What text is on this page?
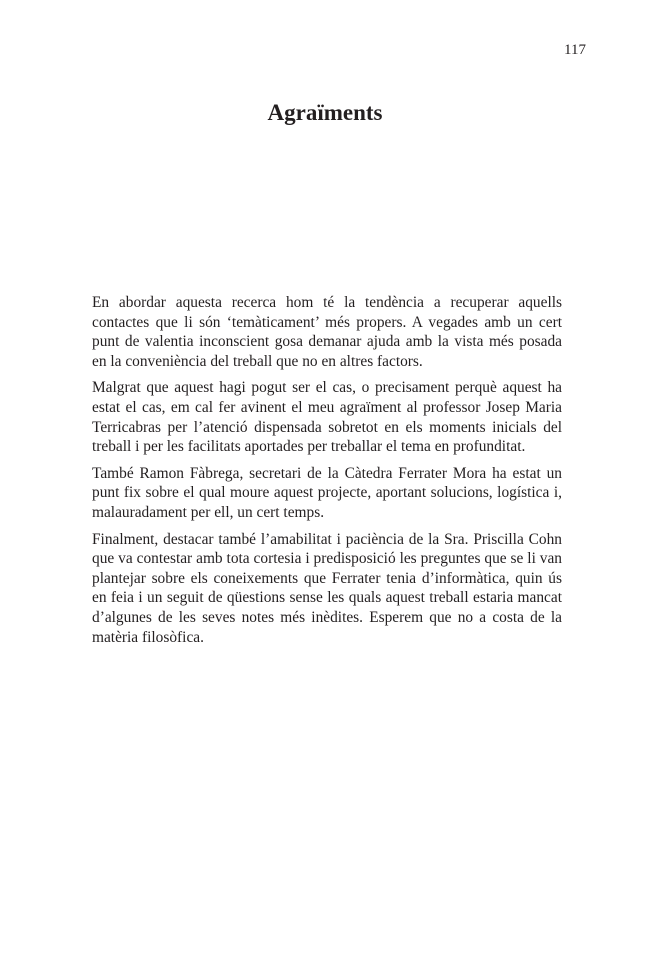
117
Agraïments

En abordar aquesta recerca hom té la tendència a recuperar aquells contactes que li són ‘temàticament’ més propers. A vegades amb un cert punt de valentia inconscient gosa demanar ajuda amb la vista més posada en la conveniència del treball que no en altres factors.

Malgrat que aquest hagi pogut ser el cas, o precisament perquè aquest ha estat el cas, em cal fer avinent el meu agraïment al professor Josep Maria Terricabras per l’atenció dispensada sobretot en els moments inicials del treball i per les facilitats aportades per treballar el tema en profunditat.

També Ramon Fàbrega, secretari de la Càtedra Ferrater Mora ha estat un punt fix sobre el qual moure aquest projecte, aportant solucions, logística i, malauradament per ell, un cert temps.

Finalment, destacar també l’amabilitat i paciència de la Sra. Priscilla Cohn que va contestar amb tota cortesia i predisposició les preguntes que se li van plantejar sobre els coneixements que Ferrater tenia d’informàtica, quin ús en feia i un seguit de qüestions sense les quals aquest treball estaria mancat d’algunes de les seves notes més inèdites. Esperem que no a costa de la matèria filosòfica.
